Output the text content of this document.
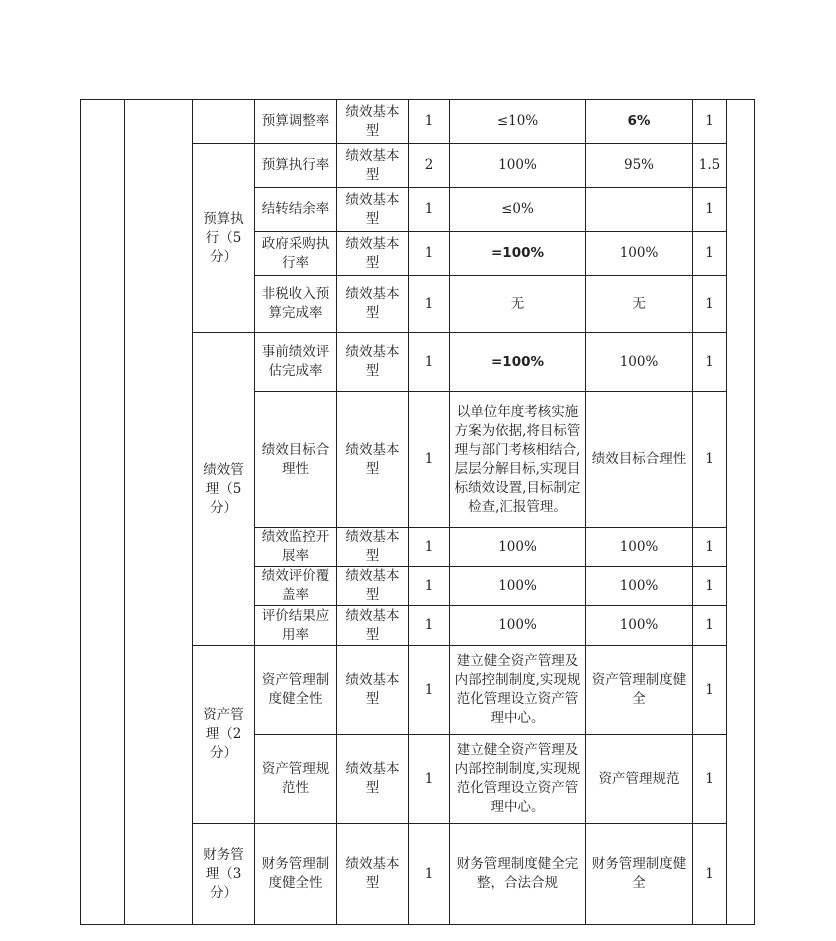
			预算调整率	绩效基本型	1	≤10%	6%	1	
		预算执行（5分）	预算执行率	绩效基本型	2	100%	95%	1.5	
			结转结余率	绩效基本型	1	≤0%		1	
			政府采购执行率	绩效基本型	1	=100%	100%	1	
			非税收入预算完成率	绩效基本型	1	无	无	1	
		绩效管理（5分）	事前绩效评估完成率	绩效基本型	1	=100%	100%	1	
			绩效目标合理性	绩效基本型	1	以单位年度考核实施方案为依据,将目标管理与部门考核相结合,层层分解目标,实现目标绩效设置,目标制定检查,汇报管理。	绩效目标合理性	1	
			绩效监控开展率	绩效基本型	1	100%	100%	1	
			绩效评价覆盖率	绩效基本型	1	100%	100%	1	
			评价结果应用率	绩效基本型	1	100%	100%	1	
		资产管理（2分）	资产管理制度健全性	绩效基本型	1	建立健全资产管理及内部控制制度,实现规范化管理设立资产管理中心。	资产管理制度健全	1	
			资产管理规范性	绩效基本型	1	建立健全资产管理及内部控制制度,实现规范化管理设立资产管理中心。	资产管理规范	1	
		财务管理（3分）	财务管理制度健全性	绩效基本型	1	财务管理制度健全完整，合法合规	财务管理制度健全	1	
